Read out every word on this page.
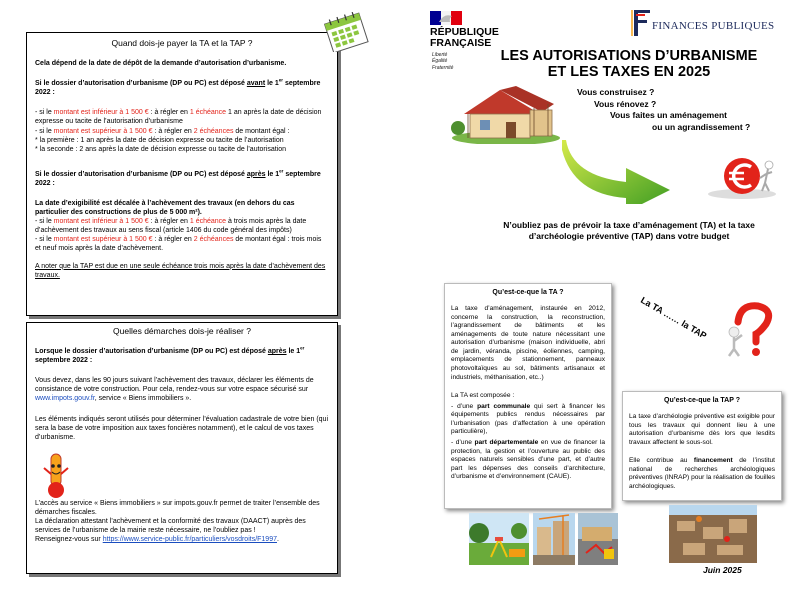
Quand dois-je payer la TA et la TAP ?

Cela dépend de la date de dépôt de la demande d’autorisation d’urbanisme.

Si le dossier d’autorisation d’urbanisme (DP ou PC) est déposé avant le 1er septembre 2022 :

- si le montant est inférieur à 1 500 € : à régler en 1 échéance 1 an après la date de décision expresse ou tacite de l’autorisation d’urbanisme
- si le montant est supérieur à 1 500 € : à régler en 2 échéances de montant égal :
* la première : 1 an après la date de décision expresse ou tacite de l’autorisation
* la seconde : 2 ans après la date de décision expresse ou tacite de l’autorisation

Si le dossier d’autorisation d’urbanisme (DP ou PC) est déposé après le 1er septembre 2022 :

La date d’exigibilité est décalée à l’achèvement des travaux (en dehors du cas particulier des constructions de plus de 5 000 m²).

- si le montant est inférieur à 1 500 € : à régler en 1 échéance à trois mois après la date d’achèvement des travaux au sens fiscal (article 1406 du code général des impôts)
- si le montant est supérieur à 1 500 € : à régler en 2 échéances de montant égal : trois mois et neuf mois après la date d’achèvement.

A noter que la TAP est due en une seule échéance trois mois après la date d’achèvement des travaux.

Quelles démarches dois-je réaliser ?

Lorsque le dossier d’autorisation d’urbanisme (DP ou PC) est déposé après le 1er septembre 2022 :

Vous devez, dans les 90 jours suivant l’achèvement des travaux, déclarer les éléments de consistance de votre construction. Pour cela, rendez-vous sur votre espace sécurisé sur www.impots.gouv.fr, service « Biens immobiliers ».

Les éléments indiqués seront utilisés pour déterminer l’évaluation cadastrale de votre bien (qui sera la base de votre imposition aux taxes foncières notamment), et le calcul de vos taxes d’urbanisme.

L’accès au service « Biens immobiliers » sur impots.gouv.fr permet de traiter l’ensemble des démarches fiscales.

La déclaration attestant l’achèvement et la conformité des travaux (DAACT) auprès des services de l’urbanisme de la mairie reste nécessaire, ne l’oubliez pas !

Renseignez-vous sur https://www.service-public.fr/particuliers/vosdroits/F1997.

RÉPUBLIQUE
FRANÇAISE
Liberté
Égalité
Fraternité
FINANCES PUBLIQUES
LES AUTORISATIONS D’URBANISME
ET LES TAXES EN 2025
Vous construisez ?
Vous rénovez ?
Vous faites un aménagement
ou un agrandissement ?
N’oubliez pas de prévoir la taxe d’aménagement (TA) et la taxe
d’archéologie préventive (TAP) dans votre budget
Qu’est-ce-que la TA ?

La taxe d’aménagement, instaurée en 2012, concerne la construction, la reconstruction, l’agrandissement de bâtiments et les aménagements de toute nature nécessitant une autorisation d’urbanisme (maison individuelle, abri de jardin, véranda, piscine, éoliennes, camping, emplacements de stationnement, panneaux photovoltaïques au sol, bâtiments artisanaux et industriels, méthanisation, etc..)

La TA est composée :

- d’une part communale qui sert à financer les équipements publics rendus nécessaires par l’urbanisation (pas d’affectation à une opération particulière),

- d’une part départementale en vue de financer la protection, la gestion et l’ouverture au public des espaces naturels sensibles d’une part, et d’autre part les dépenses des conseils d’architecture, d’urbanisme et d’environnement (CAUE).

La TA …… la TAP
Qu’est-ce-que la TAP ?

La taxe d’archéologie préventive est exigible pour tous les travaux qui donnent lieu à une autorisation d’urbanisme dès lors que lesdits travaux affectent le sous-sol.

Elle contribue au financement de l’institut national de recherches archéologiques préventives (INRAP) pour la réalisation de fouilles archéologiques.

Juin 2025
